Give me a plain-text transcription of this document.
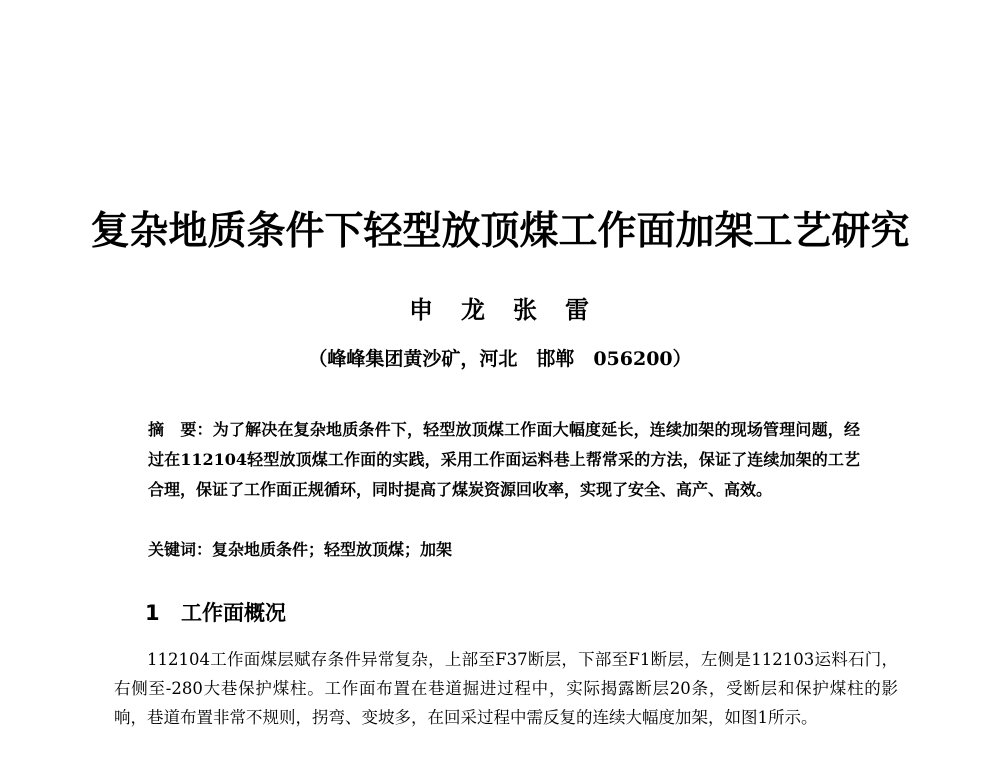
复杂地质条件下轻型放顶煤工作面加架工艺研究
申　龙　张　雷
（峰峰集团黄沙矿，河北　邯郸　056200）
摘　要：为了解决在复杂地质条件下，轻型放顶煤工作面大幅度延长，连续加架的现场管理问题，经过在112104轻型放顶煤工作面的实践，采用工作面运料巷上帮常采的方法，保证了连续加架的工艺合理，保证了工作面正规循环，同时提高了煤炭资源回收率，实现了安全、高产、高效。
关键词：复杂地质条件；轻型放顶煤；加架
1 工作面概况
112104工作面煤层赋存条件异常复杂，上部至F37断层，下部至F1断层，左侧是112103运料石门，右侧至-280大巷保护煤柱。工作面布置在巷道掘进过程中，实际揭露断层20条，受断层和保护煤柱的影响，巷道布置非常不规则，拐弯、变坡多，在回采过程中需反复的连续大幅度加架，如图1所示。
